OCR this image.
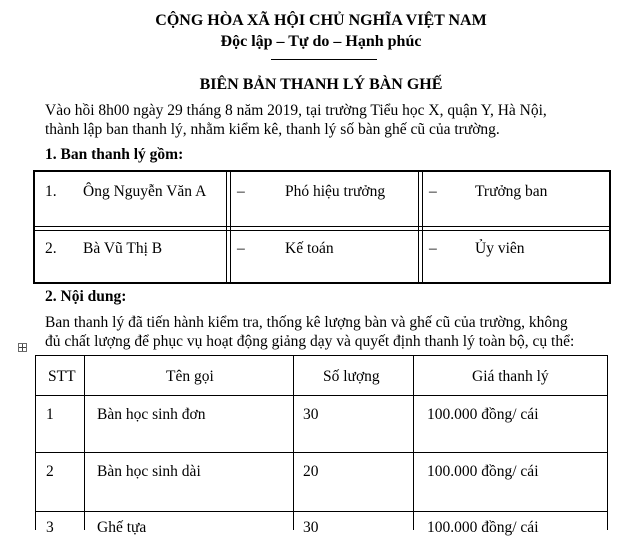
CỘNG HÒA XÃ HỘI CHỦ NGHĨA VIỆT NAM
Độc lập – Tự do – Hạnh phúc
BIÊN BẢN THANH LÝ BÀN GHẾ
Vào hồi 8h00 ngày 29 tháng 8 năm 2019, tại trường Tiểu học X, quận Y, Hà Nội,
thành lập ban thanh lý, nhằm kiểm kê, thanh lý số bàn ghế cũ của trường.
1. Ban thanh lý gồm:
1. Ông Nguyễn Văn A –	Phó hiệu trưởng	– Trưởng ban
2. Bà Vũ Thị B	–	Kế toán	– Ủy viên
2. Nội dung:
Ban thanh lý đã tiến hành kiểm tra, thống kê lượng bàn và ghế cũ của trường, không
đủ chất lượng để phục vụ hoạt động giảng dạy và quyết định thanh lý toàn bộ, cụ thể:
STT	Tên gọi	Số lượng	Giá thanh lý
1	Bàn học sinh đơn	30	100.000 đồng/ cái
2	Bàn học sinh dài	20	100.000 đồng/ cái
3	Ghế tựa	30	100.000 đồng/ cái
